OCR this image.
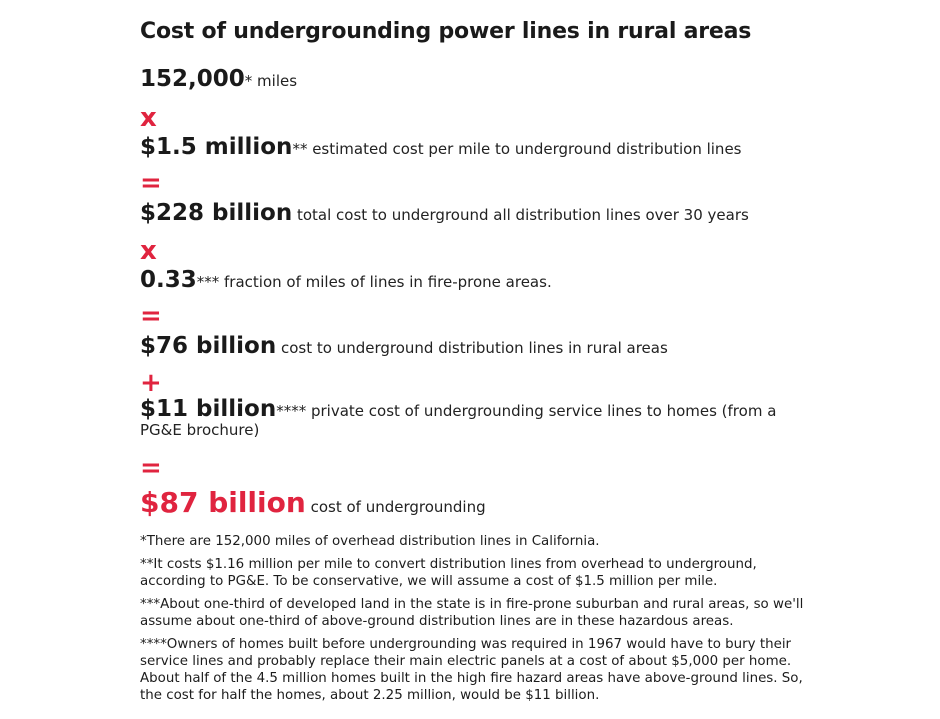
Cost of undergrounding power lines in rural areas
152,000* miles
x
$1.5 million** estimated cost per mile to underground distribution lines
=
$228 billion total cost to underground all distribution lines over 30 years
x
0.33*** fraction of miles of lines in fire-prone areas.
=
$76 billion cost to underground distribution lines in rural areas
+
$11 billion**** private cost of undergrounding service lines to homes (from a PG&E brochure)
=
$87 billion cost of undergrounding

*There are 152,000 miles of overhead distribution lines in California.

**It costs $1.16 million per mile to convert distribution lines from overhead to underground, according to PG&E. To be conservative, we will assume a cost of $1.5 million per mile.

***About one-third of developed land in the state is in fire-prone suburban and rural areas, so we'll assume about one-third of above-ground distribution lines are in these hazardous areas.

****Owners of homes built before undergrounding was required in 1967 would have to bury their service lines and probably replace their main electric panels at a cost of about $5,000 per home. About half of the 4.5 million homes built in the high fire hazard areas have above-ground lines. So, the cost for half the homes, about 2.25 million, would be $11 billion.
